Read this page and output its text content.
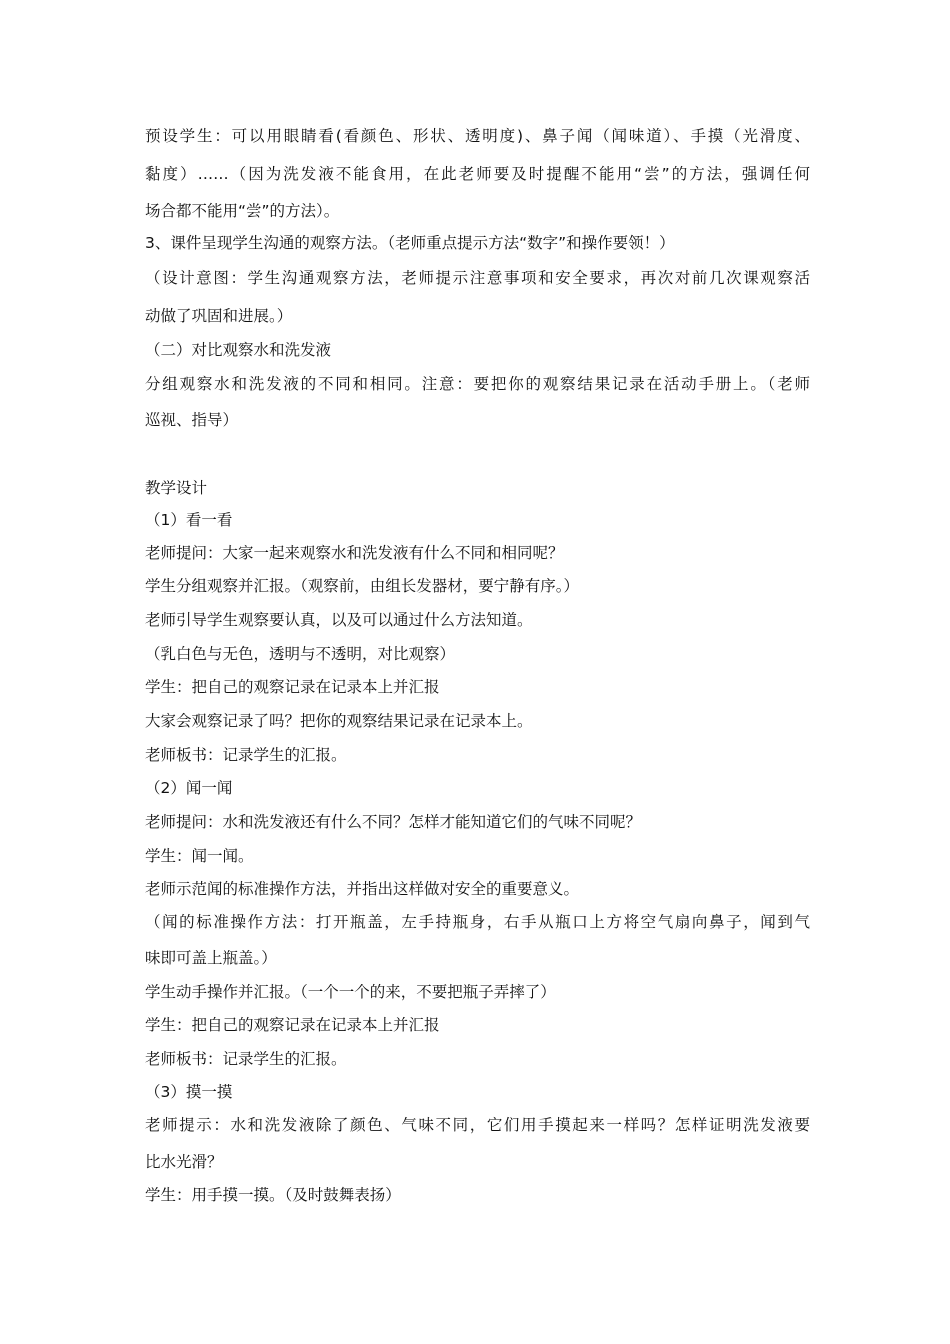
预设学生：可以用眼睛看(看颜色、形状、透明度)、鼻子闻（闻味道）、手摸（光滑度、
黏度）……（因为洗发液不能食用，在此老师要及时提醒不能用“尝”的方法，强调任何
场合都不能用“尝”的方法）。
3、课件呈现学生沟通的观察方法。（老师重点提示方法“数字”和操作要领！）
（设计意图：学生沟通观察方法，老师提示注意事项和安全要求，再次对前几次课观察活
动做了巩固和进展。）
（二）对比观察水和洗发液
分组观察水和洗发液的不同和相同。注意：要把你的观察结果记录在活动手册上。（老师
巡视、指导）
教学设计
（1）看一看
老师提问：大家一起来观察水和洗发液有什么不同和相同呢？
学生分组观察并汇报。（观察前，由组长发器材，要宁静有序。）
老师引导学生观察要认真，以及可以通过什么方法知道。
（乳白色与无色，透明与不透明，对比观察）
学生：把自己的观察记录在记录本上并汇报
大家会观察记录了吗？把你的观察结果记录在记录本上。
老师板书：记录学生的汇报。
（2）闻一闻
老师提问：水和洗发液还有什么不同？怎样才能知道它们的气味不同呢？
学生：闻一闻。
老师示范闻的标准操作方法，并指出这样做对安全的重要意义。
（闻的标准操作方法：打开瓶盖，左手持瓶身，右手从瓶口上方将空气扇向鼻子，闻到气
味即可盖上瓶盖。）
学生动手操作并汇报。（一个一个的来，不要把瓶子弄摔了）
学生：把自己的观察记录在记录本上并汇报
老师板书：记录学生的汇报。
（3）摸一摸
老师提示：水和洗发液除了颜色、气味不同，它们用手摸起来一样吗？怎样证明洗发液要
比水光滑？
学生：用手摸一摸。（及时鼓舞表扬）
